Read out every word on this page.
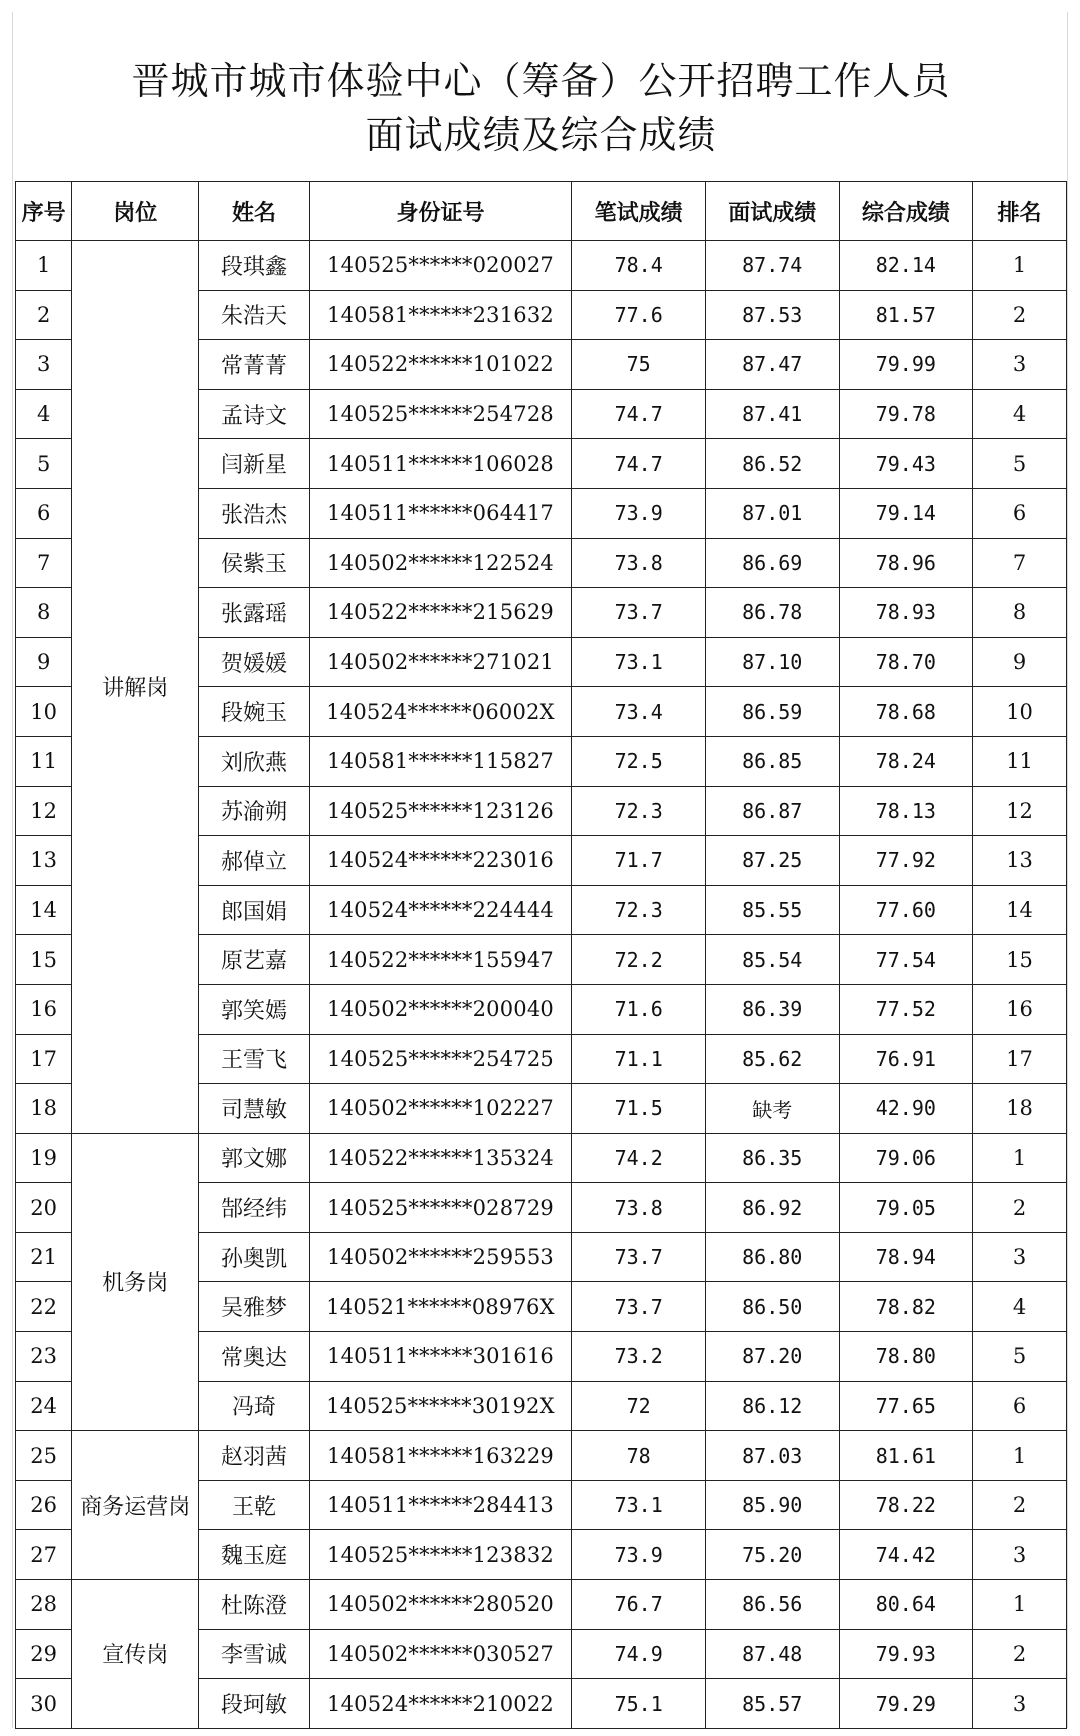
晋城市城市体验中心（筹备）公开招聘工作人员
面试成绩及综合成绩
序号	岗位	姓名	身份证号	笔试成绩	面试成绩	综合成绩	排名
1	讲解岗	段琪鑫	140525******020027	78.4	87.74	82.14	1
2		朱浩天	140581******231632	77.6	87.53	81.57	2
3		常菁菁	140522******101022	75	87.47	79.99	3
4		孟诗文	140525******254728	74.7	87.41	79.78	4
5		闫新星	140511******106028	74.7	86.52	79.43	5
6		张浩杰	140511******064417	73.9	87.01	79.14	6
7		侯紫玉	140502******122524	73.8	86.69	78.96	7
8		张露瑶	140522******215629	73.7	86.78	78.93	8
9		贺媛媛	140502******271021	73.1	87.10	78.70	9
10		段婉玉	140524******06002X	73.4	86.59	78.68	10
11		刘欣燕	140581******115827	72.5	86.85	78.24	11
12		苏渝朔	140525******123126	72.3	86.87	78.13	12
13		郝倬立	140524******223016	71.7	87.25	77.92	13
14		郎国娟	140524******224444	72.3	85.55	77.60	14
15		原艺嘉	140522******155947	72.2	85.54	77.54	15
16		郭笑嫣	140502******200040	71.6	86.39	77.52	16
17		王雪飞	140525******254725	71.1	85.62	76.91	17
18		司慧敏	140502******102227	71.5	缺考	42.90	18
19	机务岗	郭文娜	140522******135324	74.2	86.35	79.06	1
20		郜经纬	140525******028729	73.8	86.92	79.05	2
21		孙奥凯	140502******259553	73.7	86.80	78.94	3
22		吴雅梦	140521******08976X	73.7	86.50	78.82	4
23		常奥达	140511******301616	73.2	87.20	78.80	5
24		冯琦	140525******30192X	72	86.12	77.65	6
25	商务运营岗	赵羽茜	140581******163229	78	87.03	81.61	1
26		王乾	140511******284413	73.1	85.90	78.22	2
27		魏玉庭	140525******123832	73.9	75.20	74.42	3
28	宣传岗	杜陈澄	140502******280520	76.7	86.56	80.64	1
29		李雪诚	140502******030527	74.9	87.48	79.93	2
30		段珂敏	140524******210022	75.1	85.57	79.29	3
